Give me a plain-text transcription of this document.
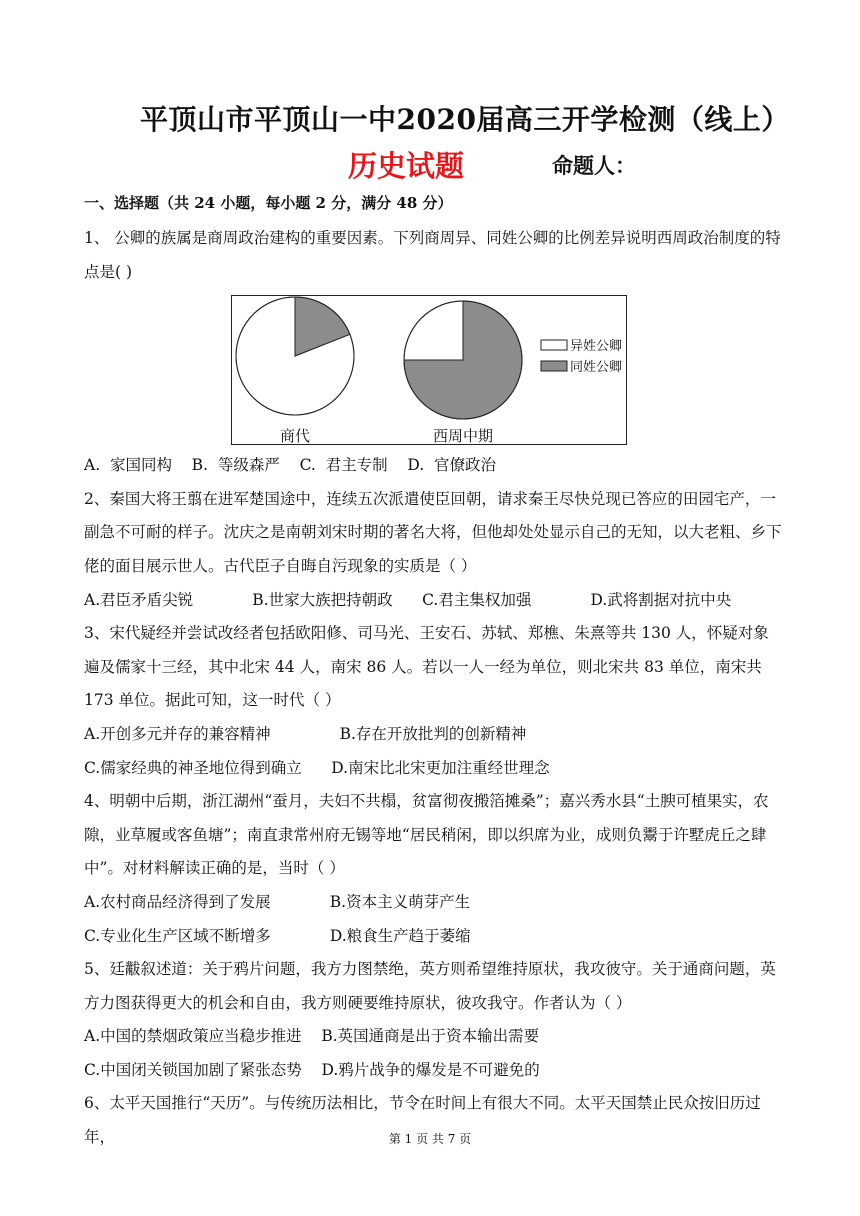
平顶山市平顶山一中2020届高三开学检测（线上）
历史试题	命题人：
一、选择题（共 24 小题，每小题 2 分，满分 48 分）

1、 公卿的族属是商周政治建构的重要因素。下列商周异、同姓公卿的比例差异说明西周政治制度的特点是( )

异姓公卿
同姓公卿
商代	西周中期

A.  家国同构    B.  等级森严    C.  君主专制    D.  官僚政治

2、秦国大将王翦在进军楚国途中，连续五次派遣使臣回朝，请求秦王尽快兑现已答应的田园宅产，一副急不可耐的样子。沈庆之是南朝刘宋时期的著名大将，但他却处处显示自己的无知，以大老粗、乡下佬的面目展示世人。古代臣子自晦自污现象的实质是（ ）

A.君臣矛盾尖锐            B.世家大族把持朝政      C.君主集权加强            D.武将割据对抗中央

3、宋代疑经并尝试改经者包括欧阳修、司马光、王安石、苏轼、郑樵、朱熹等共 130 人，怀疑对象遍及儒家十三经，其中北宋 44 人，南宋 86 人。若以一人一经为单位，则北宋共 83 单位，南宋共 173 单位。据此可知，这一时代（ ）

A.开创多元并存的兼容精神              B.存在开放批判的创新精神

C.儒家经典的神圣地位得到确立      D.南宋比北宋更加注重经世理念

4、明朝中后期，浙江湖州“蚕月，夫妇不共榻，贫富彻夜搬箔摊桑”；嘉兴秀水县“土腴可植果实，农隙，业草履或客鱼塘”；南直隶常州府无锡等地“居民稍闲，即以织席为业，成则负鬻于许墅虎丘之肆中”。对材料解读正确的是，当时（ ）

A.农村商品经济得到了发展            B.资本主义萌芽产生

C.专业化生产区域不断增多            D.粮食生产趋于萎缩

5、廷黻叙述道：关于鸦片问题，我方力图禁绝，英方则希望维持原状，我攻彼守。关于通商问题，英方力图获得更大的机会和自由，我方则硬要维持原状，彼攻我守。作者认为（ ）

A.中国的禁烟政策应当稳步推进    B.英国通商是出于资本输出需要

C.中国闭关锁国加剧了紧张态势    D.鸦片战争的爆发是不可避免的

6、太平天国推行“天历”。与传统历法相比，节令在时间上有很大不同。太平天国禁止民众按旧历过年，	第 1 页 共 7 页
